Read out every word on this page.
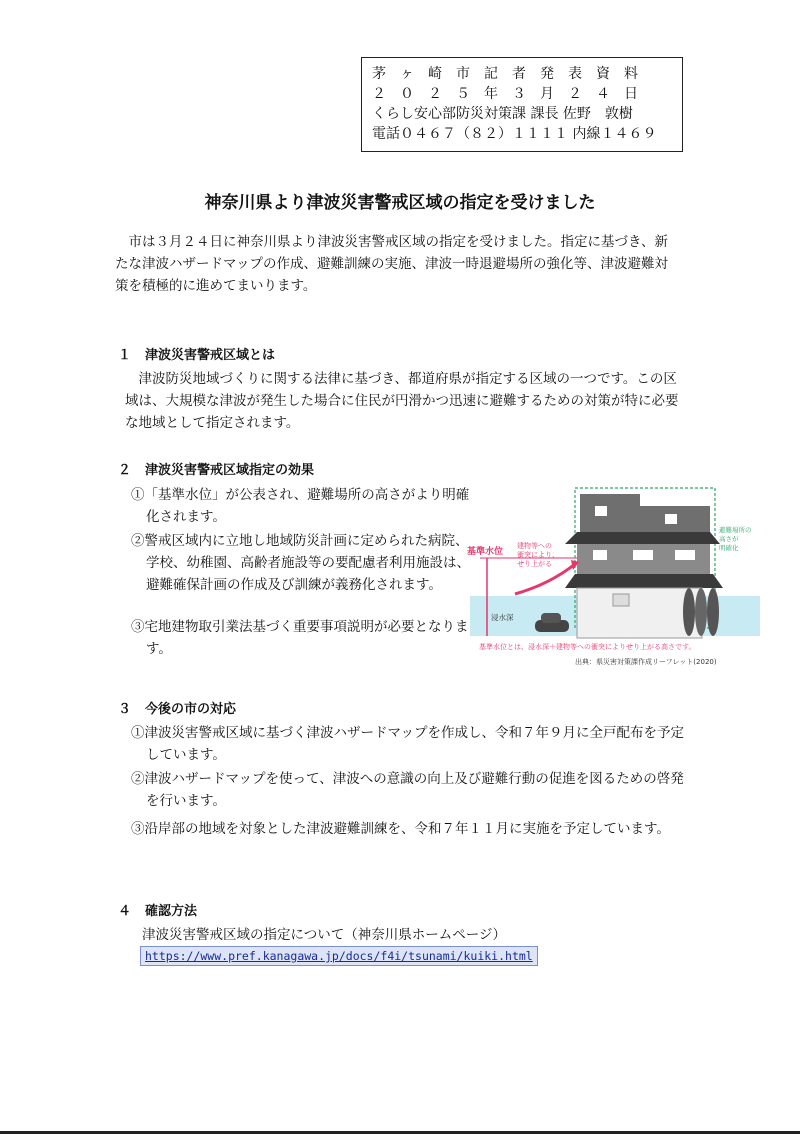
茅　ヶ　崎　市　記　者　発　表　資　料
２　０　２　５　年　３　月　２　４　日
くらし安心部防災対策課 課長 佐野　敦樹
電話０４６７（８２）１１１１ 内線１４６９
神奈川県より津波災害警戒区域の指定を受けました

　市は３月２４日に神奈川県より津波災害警戒区域の指定を受けました。指定に基づき、新たな津波ハザードマップの作成、避難訓練の実施、津波一時退避場所の強化等、津波避難対策を積極的に進めてまいります。

１ 津波災害警戒区域とは

　津波防災地域づくりに関する法律に基づき、都道府県が指定する区域の一つです。この区域は、大規模な津波が発生した場合に住民が円滑かつ迅速に避難するための対策が特に必要な地域として指定されます。

２ 津波災害警戒区域指定の効果

①「基準水位」が公表され、避難場所の高さがより明確化されます。

②警戒区域内に立地し地域防災計画に定められた病院、学校、幼稚園、高齢者施設等の要配慮者利用施設は、避難確保計画の作成及び訓練が義務化されます。

③宅地建物取引業法基づく重要事項説明が必要となります。

基準水位
建物等への
衝突により、
せり上がる
避難場所の
高さが
明確化
浸水深
基準水位とは、浸水深＋建物等への衝突によりせり上がる高さです。
出典：県災害対策課作成リーフレット(2020)
３ 今後の市の対応

①津波災害警戒区域に基づく津波ハザードマップを作成し、令和７年９月に全戸配布を予定しています。

②津波ハザードマップを使って、津波への意識の向上及び避難行動の促進を図るための啓発を行います。

③沿岸部の地域を対象とした津波避難訓練を、令和７年１１月に実施を予定しています。

４ 確認方法

津波災害警戒区域の指定について（神奈川県ホームページ）

https://www.pref.kanagawa.jp/docs/f4i/tsunami/kuiki.html
